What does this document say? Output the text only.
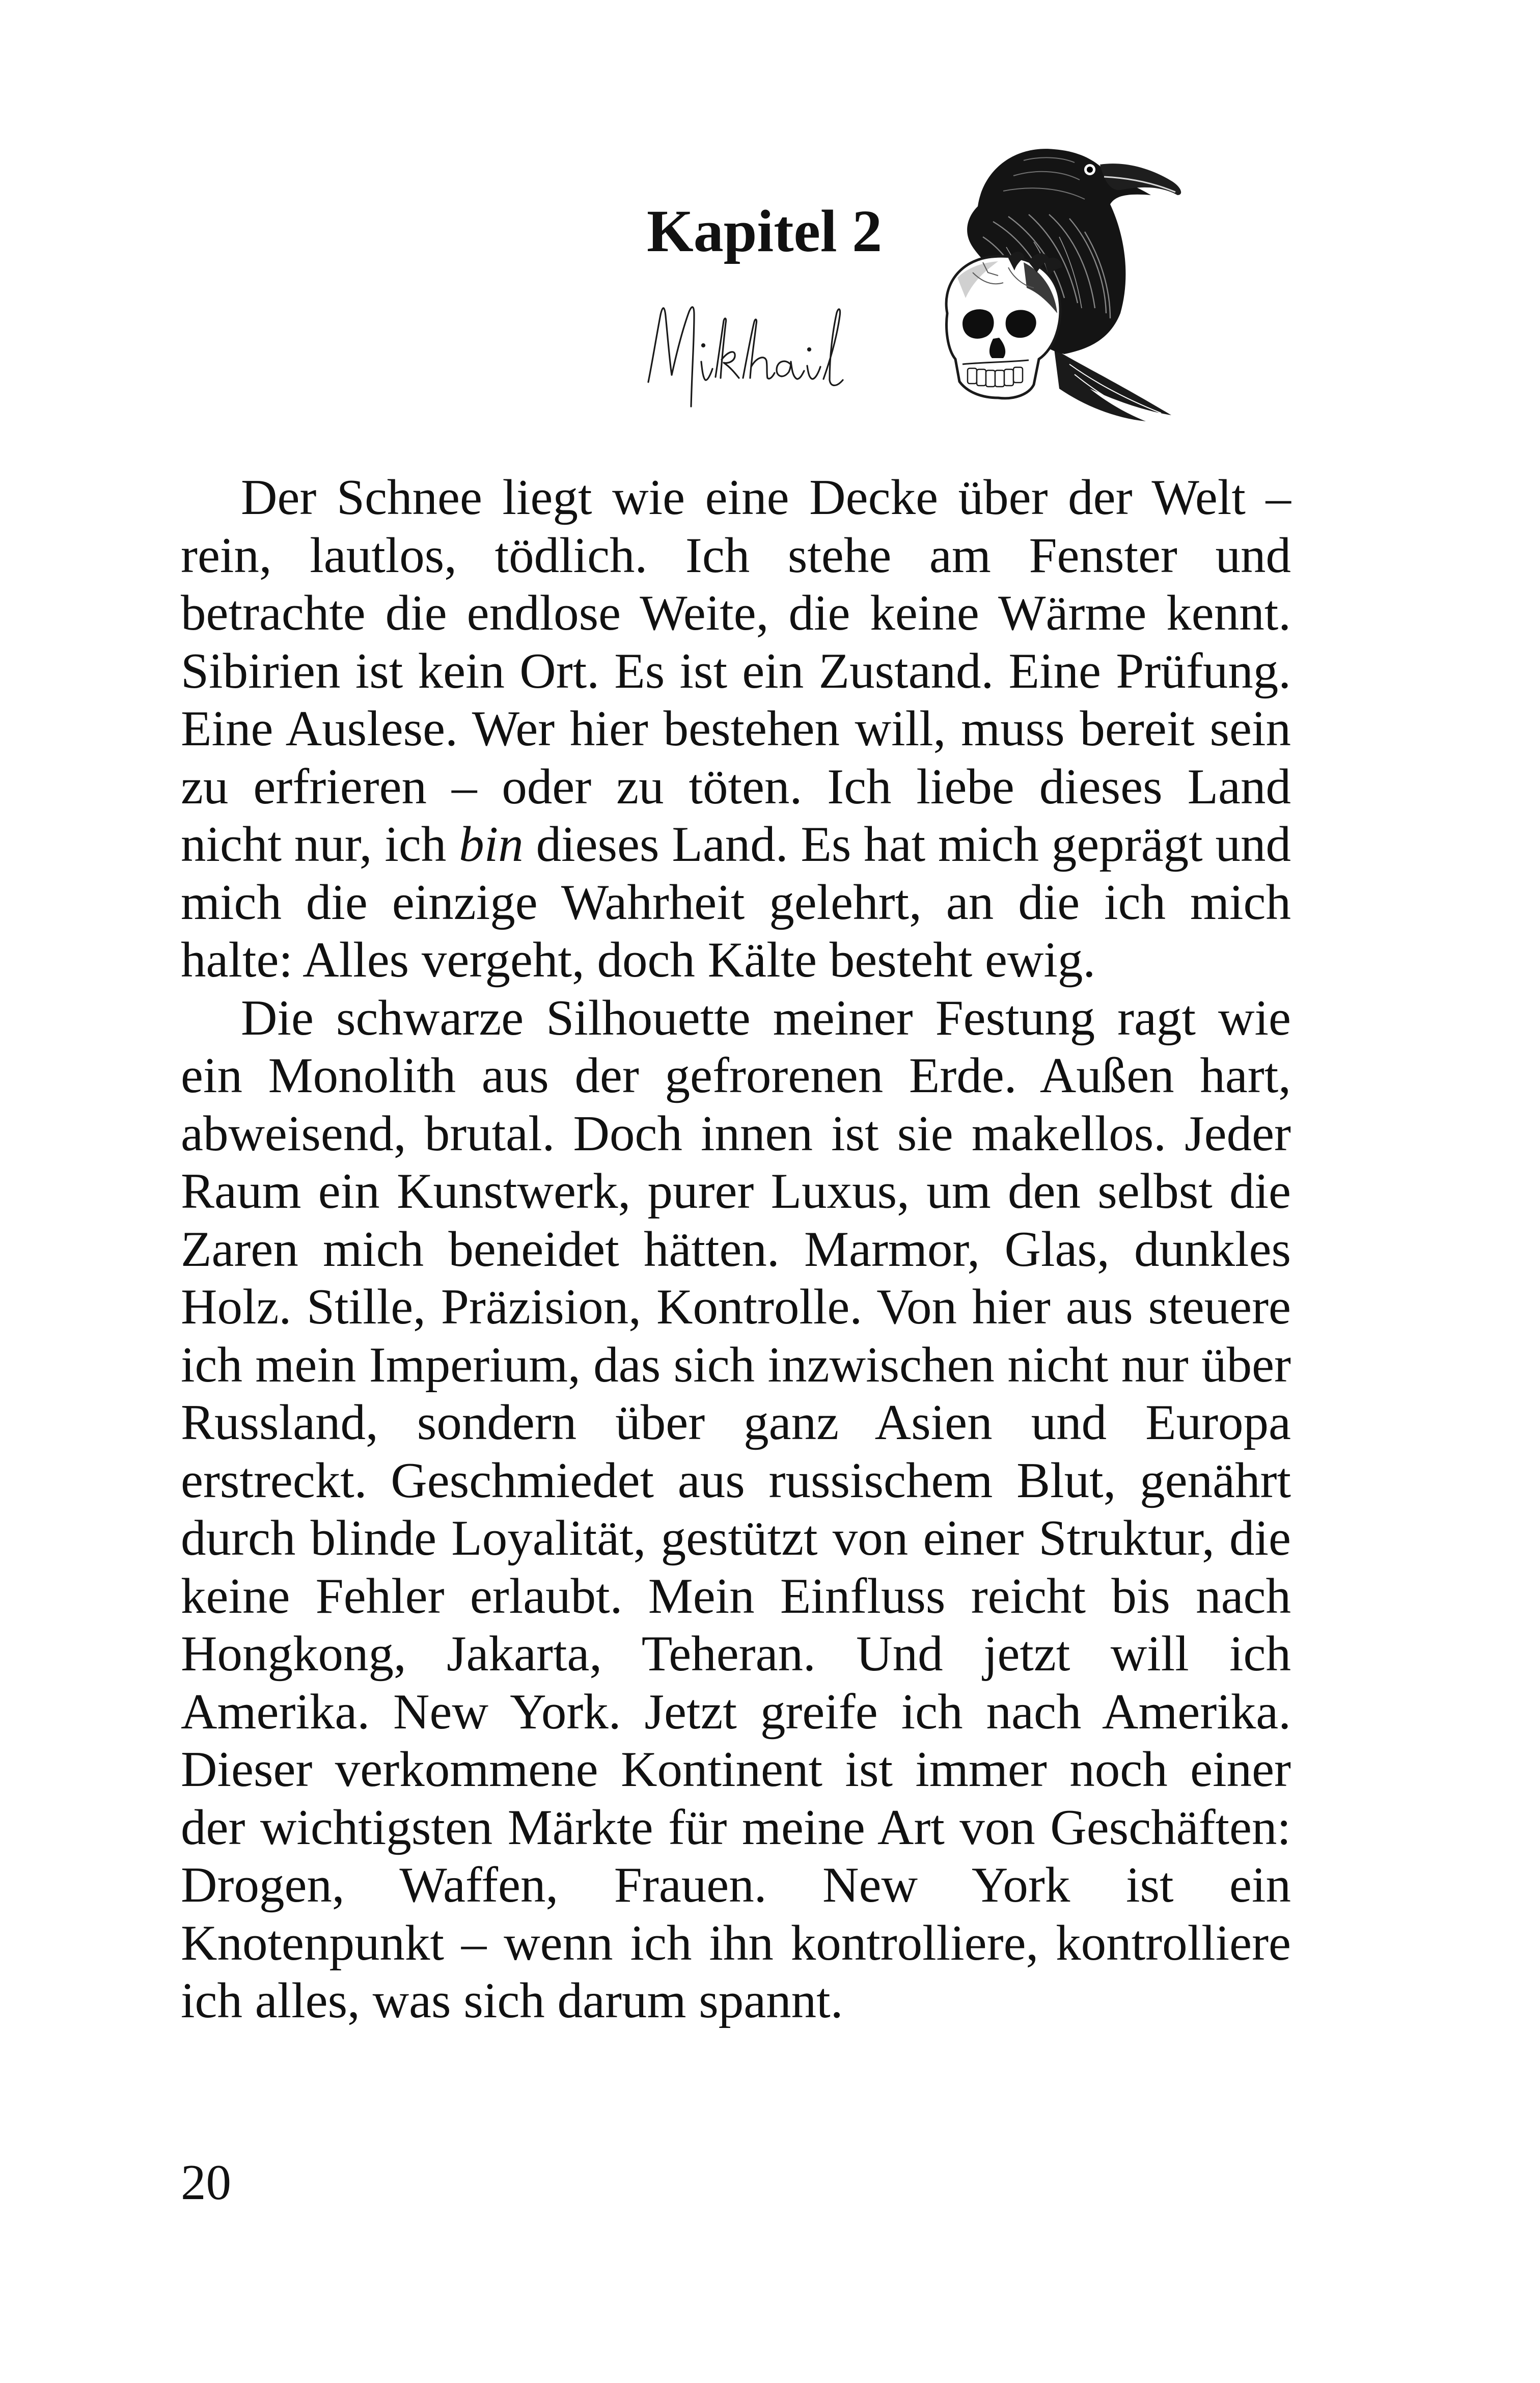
Kapitel 2

Der Schnee liegt wie eine Decke über der Welt – rein, lautlos, tödlich. Ich stehe am Fenster und betrachte die endlose Weite, die keine Wärme kennt. Sibirien ist kein Ort. Es ist ein Zustand. Eine Prüfung. Eine Auslese. Wer hier bestehen will, muss bereit sein zu erfrieren – oder zu töten. Ich liebe dieses Land nicht nur, ich bin dieses Land. Es hat mich geprägt und mich die einzige Wahrheit gelehrt, an die ich mich halte: Alles vergeht, doch Kälte besteht ewig.

Die schwarze Silhouette meiner Festung ragt wie ein Monolith aus der gefrorenen Erde. Außen hart, abweisend, brutal. Doch innen ist sie makellos. Jeder Raum ein Kunstwerk, purer Luxus, um den selbst die Zaren mich beneidet hätten. Marmor, Glas, dunkles Holz. Stille, Präzision, Kontrolle. Von hier aus steuere ich mein Imperium, das sich inzwischen nicht nur über Russland, sondern über ganz Asien und Europa erstreckt. Geschmiedet aus russischem Blut, genährt durch blinde Loyalität, gestützt von einer Struktur, die keine Fehler erlaubt. Mein Einfluss reicht bis nach Hongkong, Jakarta, Teheran. Und jetzt will ich Amerika. New York. Jetzt greife ich nach Amerika. Dieser verkommene Kontinent ist immer noch einer der wichtigsten Märkte für meine Art von Geschäften: Drogen, Waffen, Frauen. New York ist ein Knotenpunkt – wenn ich ihn kontrolliere, kontrolliere ich alles, was sich darum spannt.

20
